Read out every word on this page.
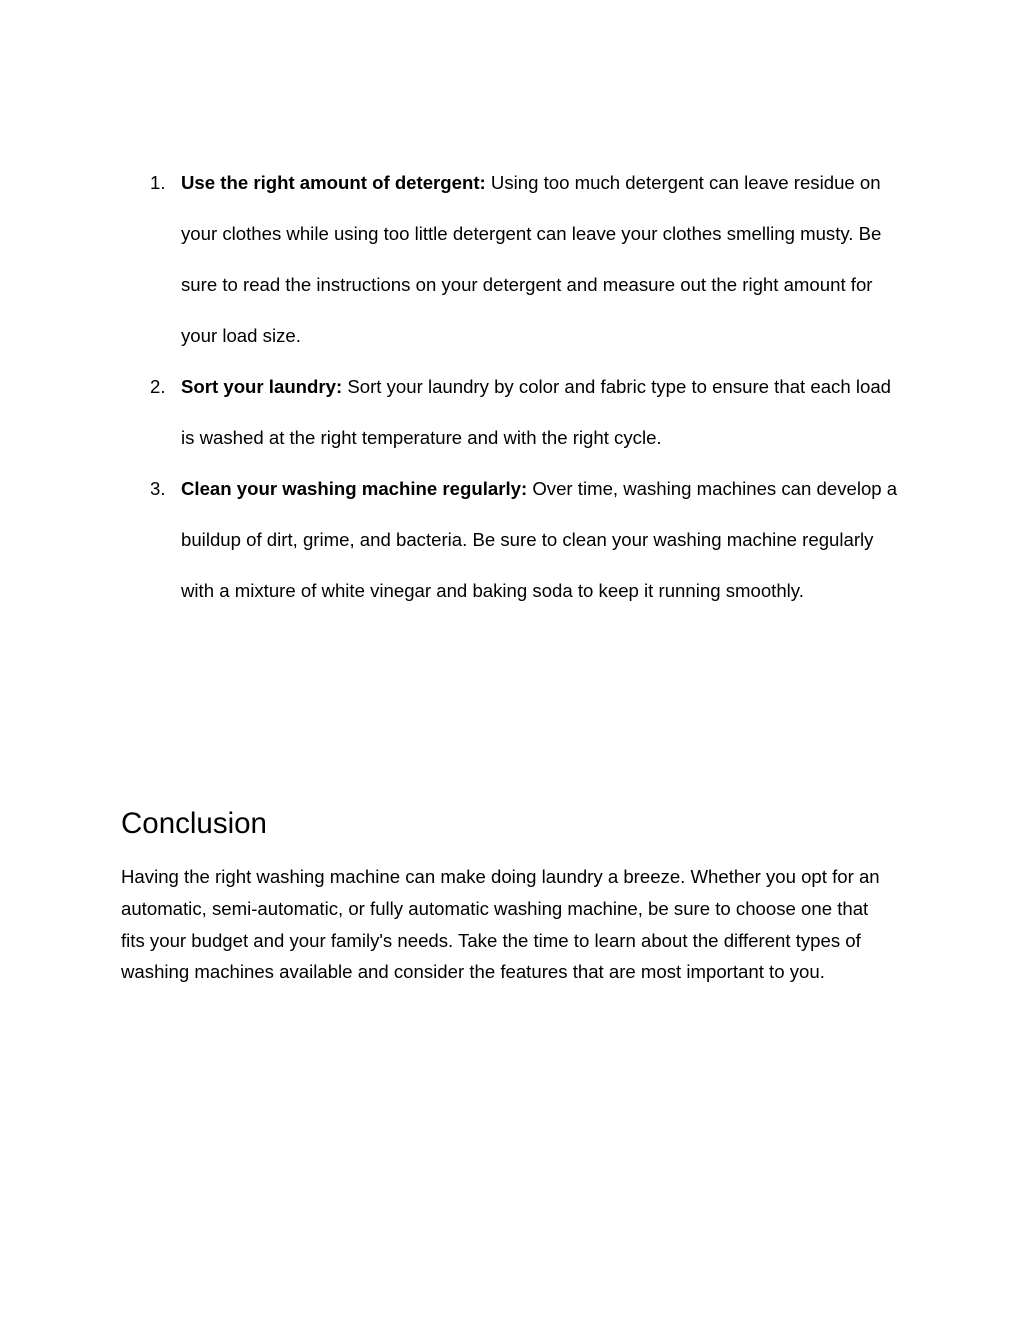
1. Use the right amount of detergent: Using too much detergent can leave residue on your clothes while using too little detergent can leave your clothes smelling musty. Be sure to read the instructions on your detergent and measure out the right amount for your load size.
2. Sort your laundry: Sort your laundry by color and fabric type to ensure that each load is washed at the right temperature and with the right cycle.
3. Clean your washing machine regularly: Over time, washing machines can develop a buildup of dirt, grime, and bacteria. Be sure to clean your washing machine regularly with a mixture of white vinegar and baking soda to keep it running smoothly.
Conclusion

Having the right washing machine can make doing laundry a breeze. Whether you opt for an automatic, semi-automatic, or fully automatic washing machine, be sure to choose one that fits your budget and your family's needs. Take the time to learn about the different types of washing machines available and consider the features that are most important to you.
